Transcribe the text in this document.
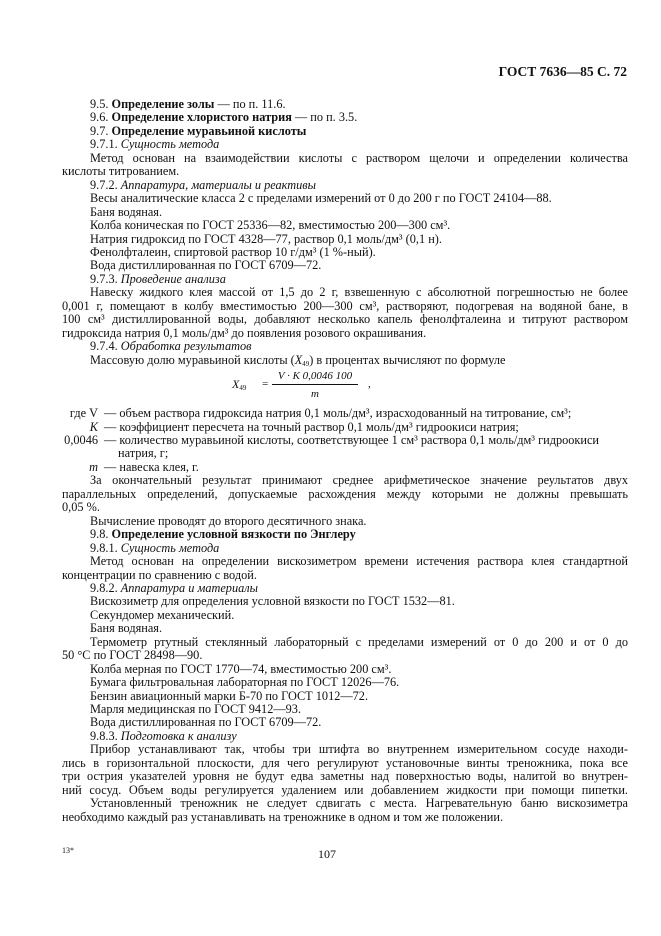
ГОСТ 7636—85 С. 72
9.5. Определение золы — по п. 11.6.
9.6. Определение хлористого натрия — по п. 3.5.
9.7. Определение муравьиной кислоты
9.7.1. Сущность метода
Метод основан на взаимодействии кислоты с раствором щелочи и определении количества
кислоты титрованием.
9.7.2. Аппаратура, материалы и реактивы
Весы аналитические класса 2 с пределами измерений от 0 до 200 г по ГОСТ 24104—88.
Баня водяная.
Колба коническая по ГОСТ 25336—82, вместимостью 200—300 см³.
Натрия гидроксид по ГОСТ 4328—77, раствор 0,1 моль/дм³ (0,1 н).
Фенолфталеин, спиртовой раствор 10 г/дм³ (1 %-ный).
Вода дистиллированная по ГОСТ 6709—72.
9.7.3. Проведение анализа
Навеску жидкого клея массой от 1,5 до 2 г, взвешенную с абсолютной погрешностью не более
0,001 г, помещают в колбу вместимостью 200—300 см³, растворяют, подогревая на водяной бане, в
100 см³ дистиллированной воды, добавляют несколько капель фенолфталеина и титруют раствором
гидроксида натрия 0,1 моль/дм³ до появления розового окрашивания.
9.7.4. Обработка результатов
Массовую долю муравьиной кислоты $(X_{49})$ в процентах вычисляют по формуле
$X_{49}$ =
V · K 0,0046 100
m
,
где V — объем раствора гидроксида натрия 0,1 моль/дм³, израсходованный на титрование, см³;
K — коэффициент пересчета на точный раствор 0,1 моль/дм³ гидроокиси натрия;
0,0046 — количество муравьиной кислоты, соответствующее 1 см³ раствора 0,1 моль/дм³ гидроокиси
натрия, г;
m — навеска клея, г.
За окончательный результат принимают среднее арифметическое значение реультатов двух
параллельных определений, допускаемые расхождения между которыми не должны превышать
0,05 %.
Вычисление проводят до второго десятичного знака.
9.8. Определение условной вязкости по Энглеру
9.8.1. Сущность метода
Метод основан на определении вискозиметром времени истечения раствора клея стандартной
концентрации по сравнению с водой.
9.8.2. Аппаратура и материалы
Вискозиметр для определения условной вязкости по ГОСТ 1532—81.
Секундомер механический.
Баня водяная.
Термометр ртутный стеклянный лабораторный с пределами измерений от 0 до 200 и от 0 до
50 °С по ГОСТ 28498—90.
Колба мерная по ГОСТ 1770—74, вместимостью 200 см³.
Бумага фильтровальная лабораторная по ГОСТ 12026—76.
Бензин авиационный марки Б-70 по ГОСТ 1012—72.
Марля медицинская по ГОСТ 9412—93.
Вода дистиллированная по ГОСТ 6709—72.
9.8.3. Подготовка к анализу
Прибор устанавливают так, чтобы три штифта во внутреннем измерительном сосуде находи-
лись в горизонтальной плоскости, для чего регулируют установочные винты треножника, пока все
три острия указателей уровня не будут едва заметны над поверхностью воды, налитой во внутрен-
ний сосуд. Объем воды регулируется удалением или добавлением жидкости при помощи пипетки.
Установленный треножник не следует сдвигать с места. Нагревательную баню вискозиметра
необходимо каждый раз устанавливать на треножнике в одном и том же положении.
13*	107
